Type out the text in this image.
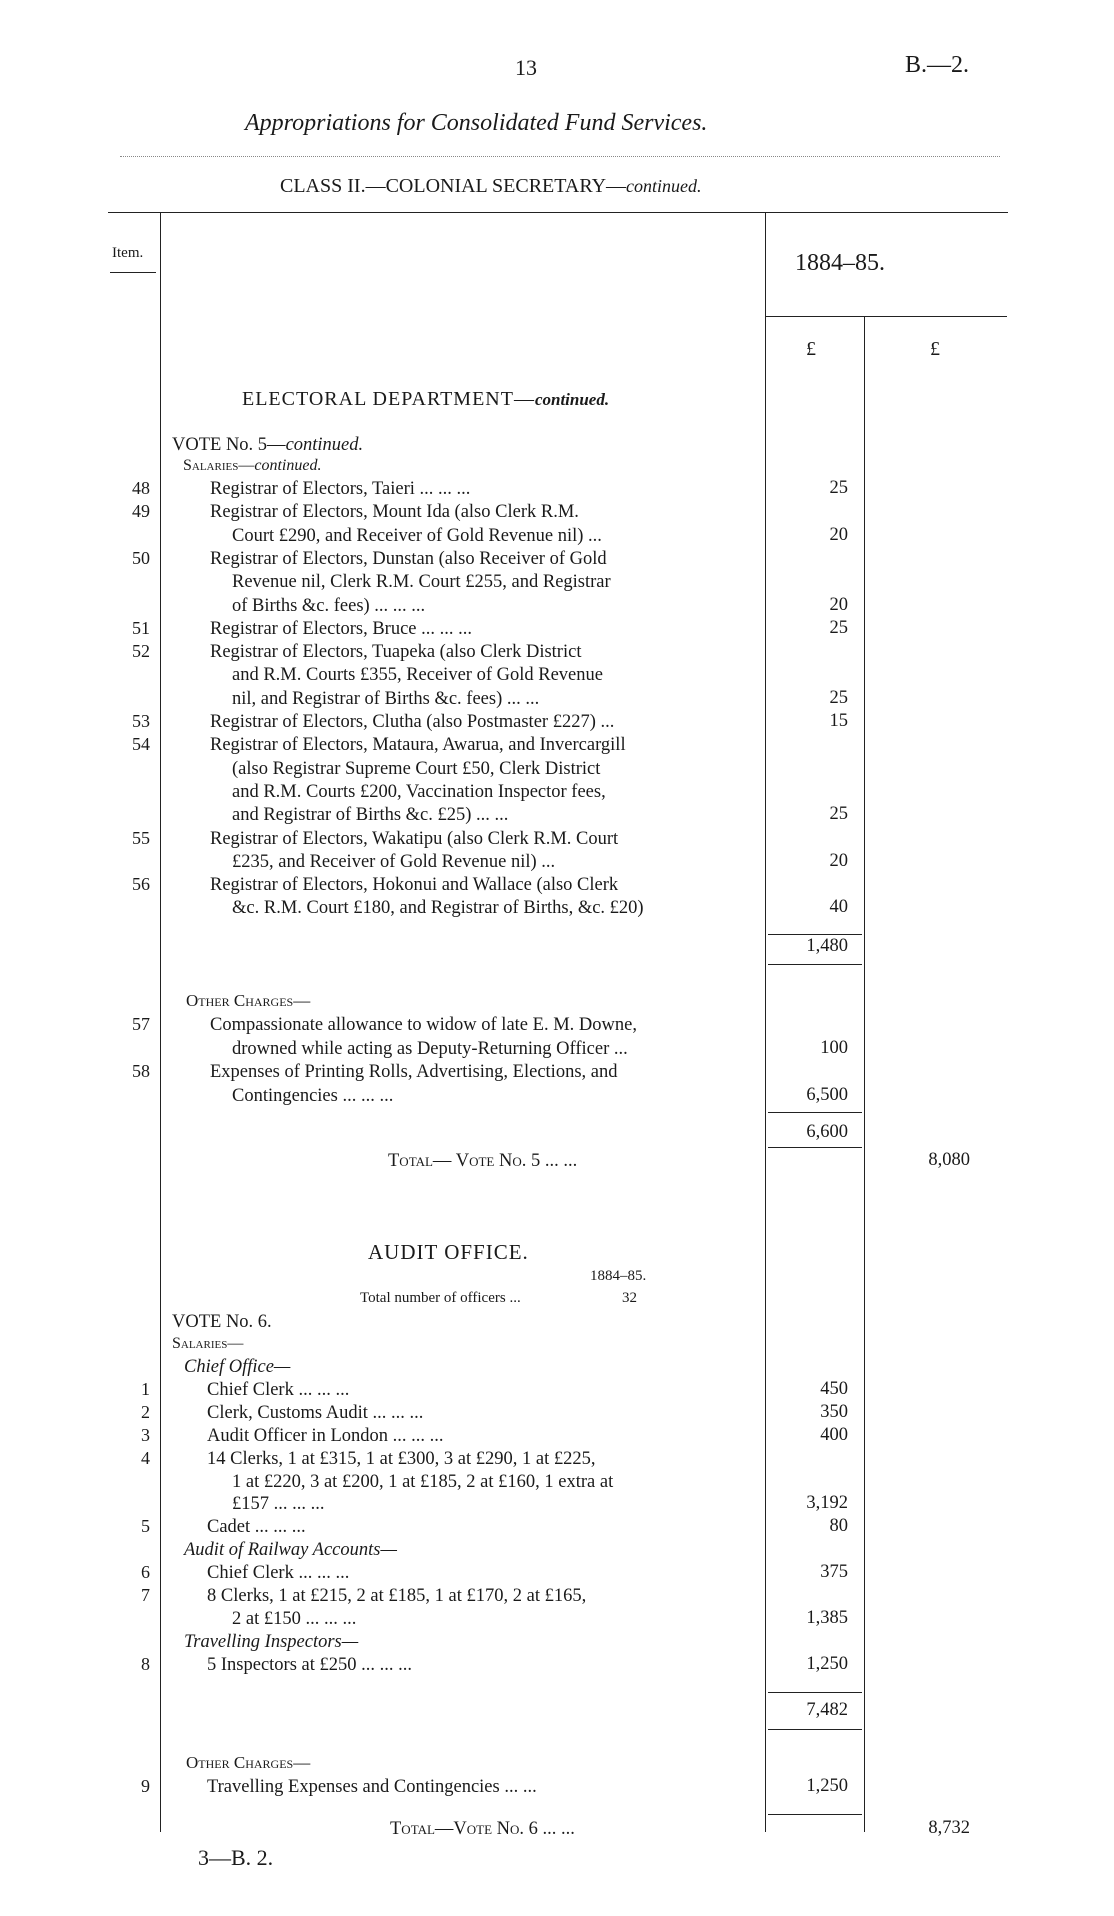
13	B.—2.
Appropriations for Consolidated Fund Services.
CLASS II.—COLONIAL SECRETARY—continued.
Item.	1884–85.
£	£
ELECTORAL DEPARTMENT—continued.
VOTE No. 5—continued.
Salaries—continued.
48	Registrar of Electors, Taieri ... ... ...	25
49	Registrar of Electors, Mount Ida (also Clerk R.M.
Court £290, and Receiver of Gold Revenue nil) ...	20
50	Registrar of Electors, Dunstan (also Receiver of Gold
Revenue nil, Clerk R.M. Court £255, and Registrar
of Births &c. fees) ... ... ...	20
51	Registrar of Electors, Bruce ... ... ...	25
52	Registrar of Electors, Tuapeka (also Clerk District
and R.M. Courts £355, Receiver of Gold Revenue
nil, and Registrar of Births &c. fees) ... ...	25
53	Registrar of Electors, Clutha (also Postmaster £227) ...	15
54	Registrar of Electors, Mataura, Awarua, and Invercargill
(also Registrar Supreme Court £50, Clerk District
and R.M. Courts £200, Vaccination Inspector fees,
and Registrar of Births &c. £25) ... ...	25
55	Registrar of Electors, Wakatipu (also Clerk R.M. Court
£235, and Receiver of Gold Revenue nil) ...	20
56	Registrar of Electors, Hokonui and Wallace (also Clerk
&c. R.M. Court £180, and Registrar of Births, &c. £20)	40
1,480
Other Charges—
57	Compassionate allowance to widow of late E. M. Downe,
drowned while acting as Deputy-Returning Officer ...	100
58	Expenses of Printing Rolls, Advertising, Elections, and
Contingencies ... ... ...	6,500
6,600
Total— Vote No. 5 ... ...	8,080
AUDIT OFFICE.
1884–85.
Total number of officers ...	32
VOTE No. 6.
Salaries—
Chief Office—
1	Chief Clerk ... ... ...	450
2	Clerk, Customs Audit ... ... ...	350
3	Audit Officer in London ... ... ...	400
4	14 Clerks, 1 at £315, 1 at £300, 3 at £290, 1 at £225,
1 at £220, 3 at £200, 1 at £185, 2 at £160, 1 extra at
£157 ... ... ...	3,192
5	Cadet ... ... ...	80
Audit of Railway Accounts—
6	Chief Clerk ... ... ...	375
7	8 Clerks, 1 at £215, 2 at £185, 1 at £170, 2 at £165,
2 at £150 ... ... ...	1,385
Travelling Inspectors—
8	5 Inspectors at £250 ... ... ...	1,250
7,482
Other Charges—
9	Travelling Expenses and Contingencies ... ...	1,250
Total—Vote No. 6 ... ...	8,732
3—B. 2.
